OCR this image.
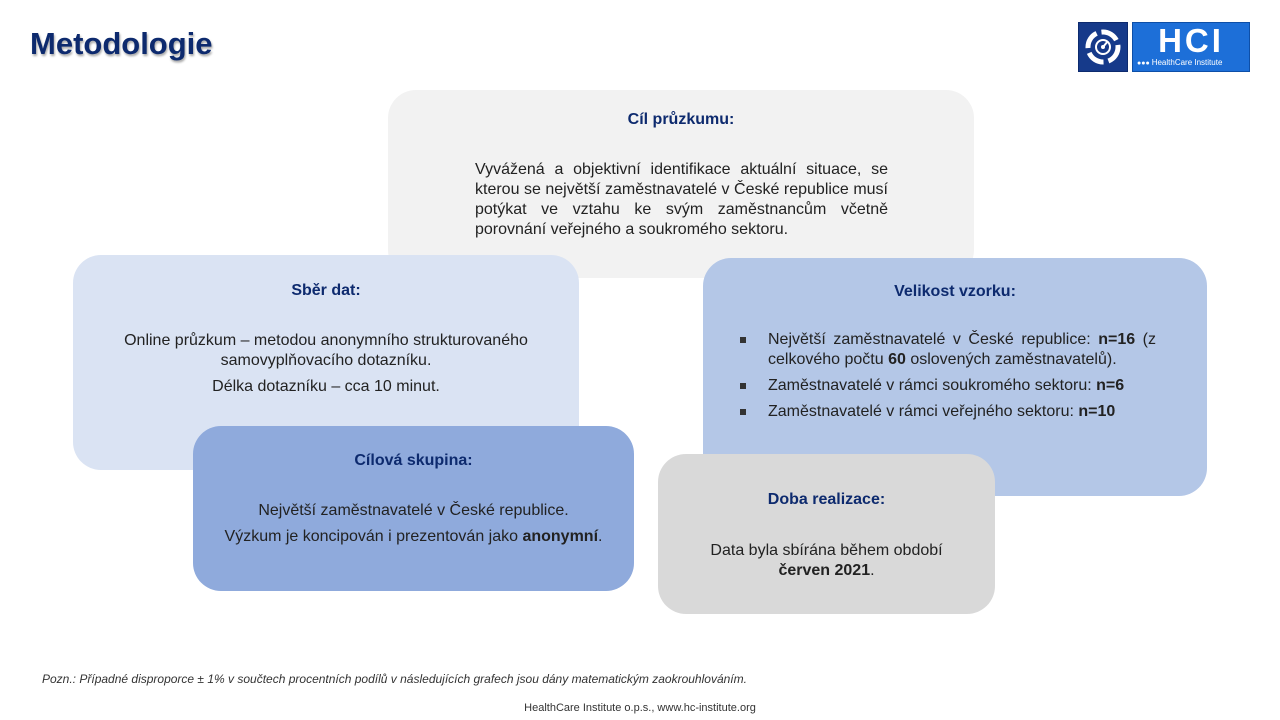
Metodologie	HCI
●●● HealthCare Institute
Cíl průzkumu:

Vyvážená a objektivní identifikace aktuální situace, se kterou se největší zaměstnavatelé v České republice musí potýkat ve vztahu ke svým zaměstnancům včetně porovnání veřejného a soukromého sektoru.

Sběr dat:

Online průzkum – metodou anonymního strukturovaného samovyplňovacího dotazníku.

Délka dotazníku – cca 10 minut.

Velikost vzorku:
Největší zaměstnavatelé v České republice: n=16 (z celkového počtu 60 oslovených zaměstnavatelů).
Zaměstnavatelé v rámci soukromého sektoru: n=6
Zaměstnavatelé v rámci veřejného sektoru: n=10
Cílová skupina:

Největší zaměstnavatelé v České republice.

Výzkum je koncipován i prezentován jako anonymní.

Doba realizace:

Data byla sbírána během období

červen 2021.

Pozn.: Případné disproporce ± 1% v součtech procentních podílů v následujících grafech jsou dány matematickým zaokrouhlováním.

HealthCare Institute o.p.s., www.hc-institute.org
